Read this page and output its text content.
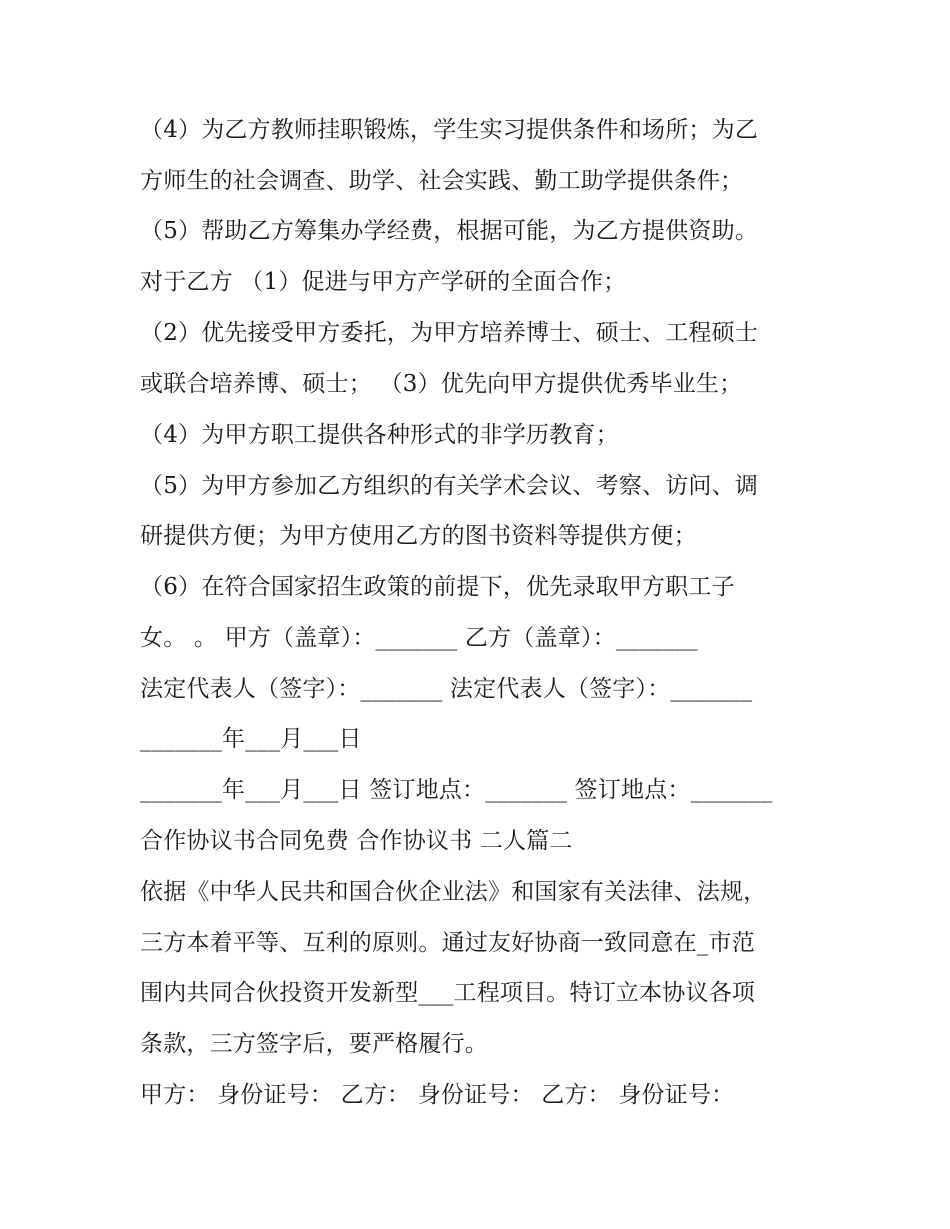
（4）为乙方教师挂职锻炼，学生实习提供条件和场所；为乙

方师生的社会调查、助学、社会实践、勤工助学提供条件；

（5）帮助乙方筹集办学经费，根据可能，为乙方提供资助。

对于乙方 （1）促进与甲方产学研的全面合作；

（2）优先接受甲方委托，为甲方培养博士、硕士、工程硕士

或联合培养博、硕士； （3）优先向甲方提供优秀毕业生；

（4）为甲方职工提供各种形式的非学历教育；

（5）为甲方参加乙方组织的有关学术会议、考察、访问、调

研提供方便；为甲方使用乙方的图书资料等提供方便；

（6）在符合国家招生政策的前提下，优先录取甲方职工子

女。 。 甲方（盖章）：_______ 乙方（盖章）：_______

法定代表人（签字）：_______ 法定代表人（签字）：_______

_______年___月___日

_______年___月___日 签订地点：_______ 签订地点：_______

合作协议书合同免费 合作协议书 二人篇二

依据《中华人民共和国合伙企业法》和国家有关法律、法规，

三方本着平等、互利的原则。通过友好协商一致同意在_市范

围内共同合伙投资开发新型___工程项目。特订立本协议各项

条款，三方签字后，要严格履行。

甲方： 身份证号： 乙方： 身份证号： 乙方： 身份证号：
